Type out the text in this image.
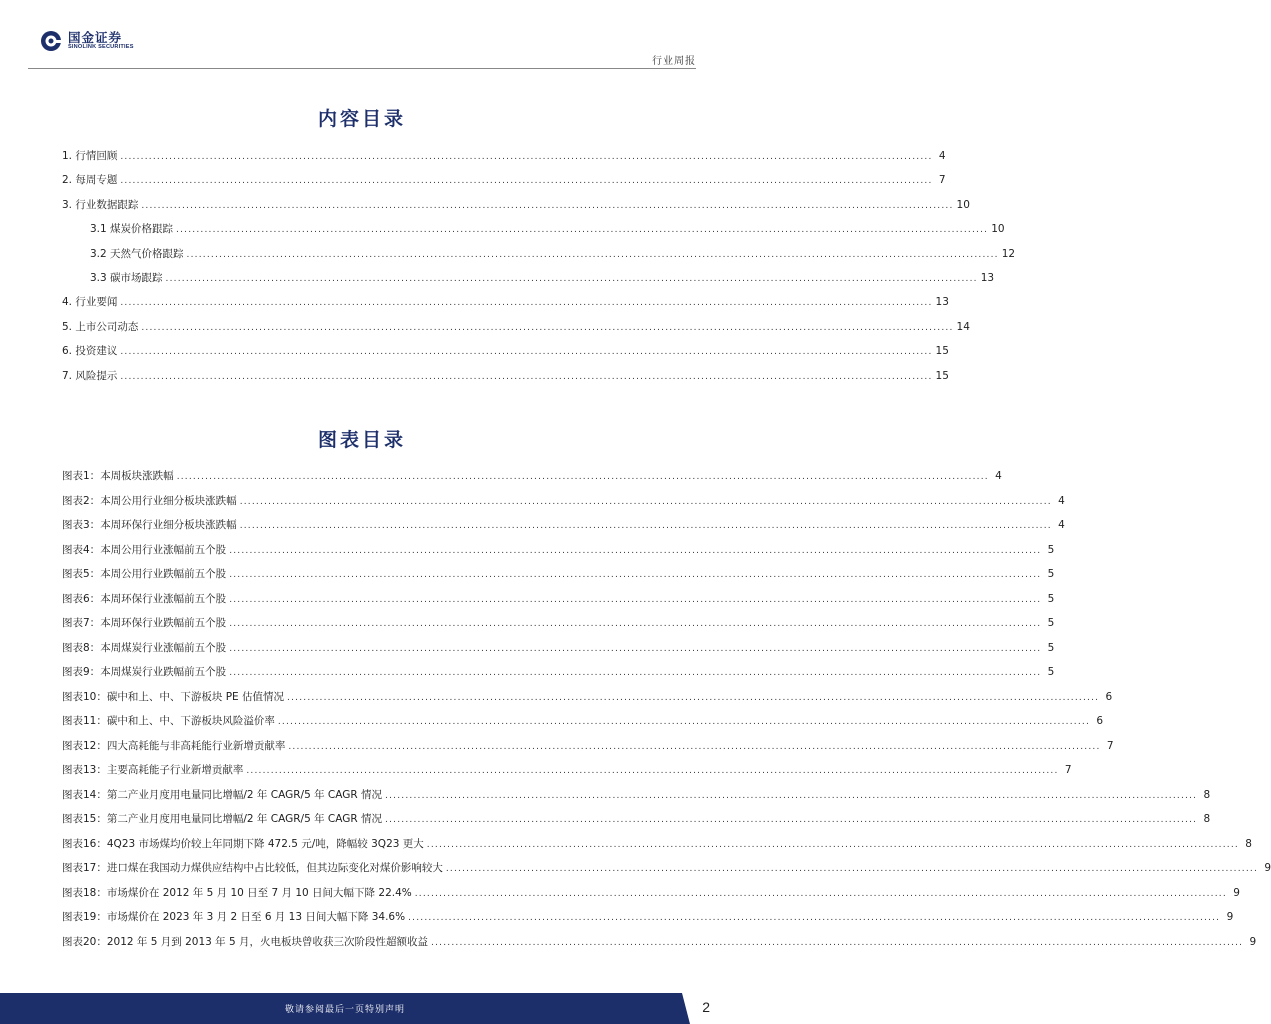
国金证券
SINOLINK SECURITIES
行业周报
内容目录
1. 行情回顾 ........................................................................................................................................................................................................ 4
2. 每周专题 ........................................................................................................................................................................................................ 7
3. 行业数据跟踪 ........................................................................................................................................................................................................ 10
3.1 煤炭价格跟踪 ........................................................................................................................................................................................................ 10
3.2 天然气价格跟踪 ........................................................................................................................................................................................................ 12
3.3 碳市场跟踪 ........................................................................................................................................................................................................ 13
4. 行业要闻 ........................................................................................................................................................................................................ 13
5. 上市公司动态 ........................................................................................................................................................................................................ 14
6. 投资建议 ........................................................................................................................................................................................................ 15
7. 风险提示 ........................................................................................................................................................................................................ 15
图表目录
图表1： 本周板块涨跌幅 ........................................................................................................................................................................................................ 4
图表2： 本周公用行业细分板块涨跌幅 ........................................................................................................................................................................................................ 4
图表3： 本周环保行业细分板块涨跌幅 ........................................................................................................................................................................................................ 4
图表4： 本周公用行业涨幅前五个股 ........................................................................................................................................................................................................ 5
图表5： 本周公用行业跌幅前五个股 ........................................................................................................................................................................................................ 5
图表6： 本周环保行业涨幅前五个股 ........................................................................................................................................................................................................ 5
图表7： 本周环保行业跌幅前五个股 ........................................................................................................................................................................................................ 5
图表8： 本周煤炭行业涨幅前五个股 ........................................................................................................................................................................................................ 5
图表9： 本周煤炭行业跌幅前五个股 ........................................................................................................................................................................................................ 5
图表10： 碳中和上、中、下游板块 PE 估值情况 ........................................................................................................................................................................................................ 6
图表11： 碳中和上、中、下游板块风险溢价率 ........................................................................................................................................................................................................ 6
图表12： 四大高耗能与非高耗能行业新增贡献率 ........................................................................................................................................................................................................ 7
图表13： 主要高耗能子行业新增贡献率 ........................................................................................................................................................................................................ 7
图表14： 第二产业月度用电量同比增幅/2 年 CAGR/5 年 CAGR 情况 ........................................................................................................................................................................................................ 8
图表15： 第二产业月度用电量同比增幅/2 年 CAGR/5 年 CAGR 情况 ........................................................................................................................................................................................................ 8
图表16： 4Q23 市场煤均价较上年同期下降 472.5 元/吨，降幅较 3Q23 更大 ........................................................................................................................................................................................................ 8
图表17： 进口煤在我国动力煤供应结构中占比较低，但其边际变化对煤价影响较大 ........................................................................................................................................................................................................ 9
图表18： 市场煤价在 2012 年 5 月 10 日至 7 月 10 日间大幅下降 22.4% ........................................................................................................................................................................................................ 9
图表19： 市场煤价在 2023 年 3 月 2 日至 6 月 13 日间大幅下降 34.6% ........................................................................................................................................................................................................ 9
图表20： 2012 年 5 月到 2013 年 5 月，火电板块曾收获三次阶段性超额收益 ........................................................................................................................................................................................................ 9
敬请参阅最后一页特别声明	2
